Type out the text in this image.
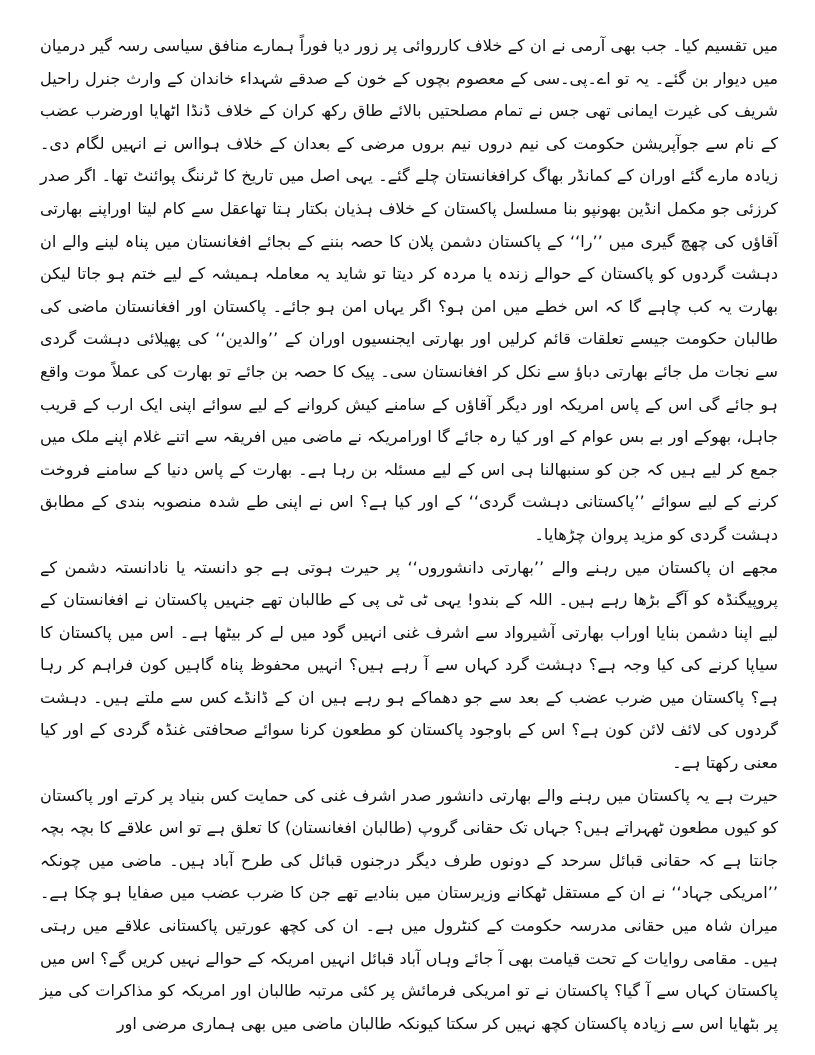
میں تقسیم کیا۔ جب بھی آرمی نے ان کے خلاف کارروائی پر زور دیا فوراً ہمارے منافق سیاسی رسہ گیر درمیان میں دیوار بن گئے۔ یہ تو اے۔پی۔سی کے معصوم بچوں کے خون کے صدقے شہداء خاندان کے وارث جنرل راحیل شریف کی غیرت ایمانی تھی جس نے تمام مصلحتیں بالائے طاق رکھ کران کے خلاف ڈنڈا اٹھایا اورضرب عضب کے نام سے جوآپریشن حکومت کی نیم دروں نیم بروں مرضی کے بعدان کے خلاف ہوااس نے انہیں لگام دی۔ زیادہ مارے گئے اوران کے کمانڈر بھاگ کرافغانستان چلے گئے۔ یہی اصل میں تاریخ کا ٹرننگ پوائنٹ تھا۔ اگر صدر کرزئی جو مکمل انڈین بھونپو بنا مسلسل پاکستان کے خلاف ہذیان بکتار ہتا تھاعقل سے کام لیتا اوراپنے بھارتی آقاؤں کی چھچ گیری میں ’’را‘‘ کے پاکستان دشمن پلان کا حصہ بننے کے بجائے افغانستان میں پناہ لینے والے ان دہشت گردوں کو پاکستان کے حوالے زندہ یا مردہ کر دیتا تو شاید یہ معاملہ ہمیشہ کے لیے ختم ہو جاتا لیکن بھارت یہ کب چاہے گا کہ اس خطے میں امن ہو؟ اگر یہاں امن ہو جائے۔ پاکستان اور افغانستان ماضی کی طالبان حکومت جیسے تعلقات قائم کرلیں اور بھارتی ایجنسیوں اوران کے ’’والدین‘‘ کی پھیلائی دہشت گردی سے نجات مل جائے بھارتی دباؤ سے نکل کر افغانستان سی۔ پیک کا حصہ بن جائے تو بھارت کی عملاً موت واقع ہو جائے گی اس کے پاس امریکہ اور دیگر آقاؤں کے سامنے کیش کروانے کے لیے سوائے اپنی ایک ارب کے قریب جاہل، بھوکے اور بے بس عوام کے اور کیا رہ جائے گا اورامریکہ نے ماضی میں افریقہ سے اتنے غلام اپنے ملک میں جمع کر لیے ہیں کہ جن کو سنبھالنا ہی اس کے لیے مسئلہ بن رہا ہے۔ بھارت کے پاس دنیا کے سامنے فروخت کرنے کے لیے سوائے ’’پاکستانی دہشت گردی‘‘ کے اور کیا ہے؟ اس نے اپنی طے شدہ منصوبہ بندی کے مطابق دہشت گردی کو مزید پروان چڑھایا۔

مجھے ان پاکستان میں رہنے والے ’’بھارتی دانشوروں‘‘ پر حیرت ہوتی ہے جو دانستہ یا نادانستہ دشمن کے پروپیگنڈہ کو آگے بڑھا رہے ہیں۔ اللہ کے بندو! یہی ٹی ٹی پی کے طالبان تھے جنہیں پاکستان نے افغانستان کے لیے اپنا دشمن بنایا اوراب بھارتی آشیرواد سے اشرف غنی انہیں گود میں لے کر بیٹھا ہے۔ اس میں پاکستان کا سیاپا کرنے کی کیا وجہ ہے؟ دہشت گرد کہاں سے آ رہے ہیں؟ انہیں محفوظ پناہ گاہیں کون فراہم کر رہا ہے؟ پاکستان میں ضرب عضب کے بعد سے جو دھماکے ہو رہے ہیں ان کے ڈانڈے کس سے ملتے ہیں۔ دہشت گردوں کی لائف لائن کون ہے؟ اس کے باوجود پاکستان کو مطعون کرنا سوائے صحافتی غنڈہ گردی کے اور کیا معنی رکھتا ہے۔

حیرت ہے یہ پاکستان میں رہنے والے بھارتی دانشور صدر اشرف غنی کی حمایت کس بنیاد پر کرتے اور پاکستان کو کیوں مطعون ٹھہراتے ہیں؟ جہاں تک حقانی گروپ (طالبان افغانستان) کا تعلق ہے تو اس علاقے کا بچہ بچہ جانتا ہے کہ حقانی قبائل سرحد کے دونوں طرف دیگر درجنوں قبائل کی طرح آباد ہیں۔ ماضی میں چونکہ ’’امریکی جہاد‘‘ نے ان کے مستقل ٹھکانے وزیرستان میں بنادیے تھے جن کا ضرب عضب میں صفایا ہو چکا ہے۔ میران شاہ میں حقانی مدرسہ حکومت کے کنٹرول میں ہے۔ ان کی کچھ عورتیں پاکستانی علاقے میں رہتی ہیں۔ مقامی روایات کے تحت قیامت بھی آ جائے وہاں آباد قبائل انہیں امریکہ کے حوالے نہیں کریں گے؟ اس میں پاکستان کہاں سے آ گیا؟ پاکستان نے تو امریکی فرمائش پر کئی مرتبہ طالبان اور امریکہ کو مذاکرات کی میز پر بٹھایا اس سے زیادہ پاکستان کچھ نہیں کر سکتا کیونکہ طالبان ماضی میں بھی ہماری مرضی اور
